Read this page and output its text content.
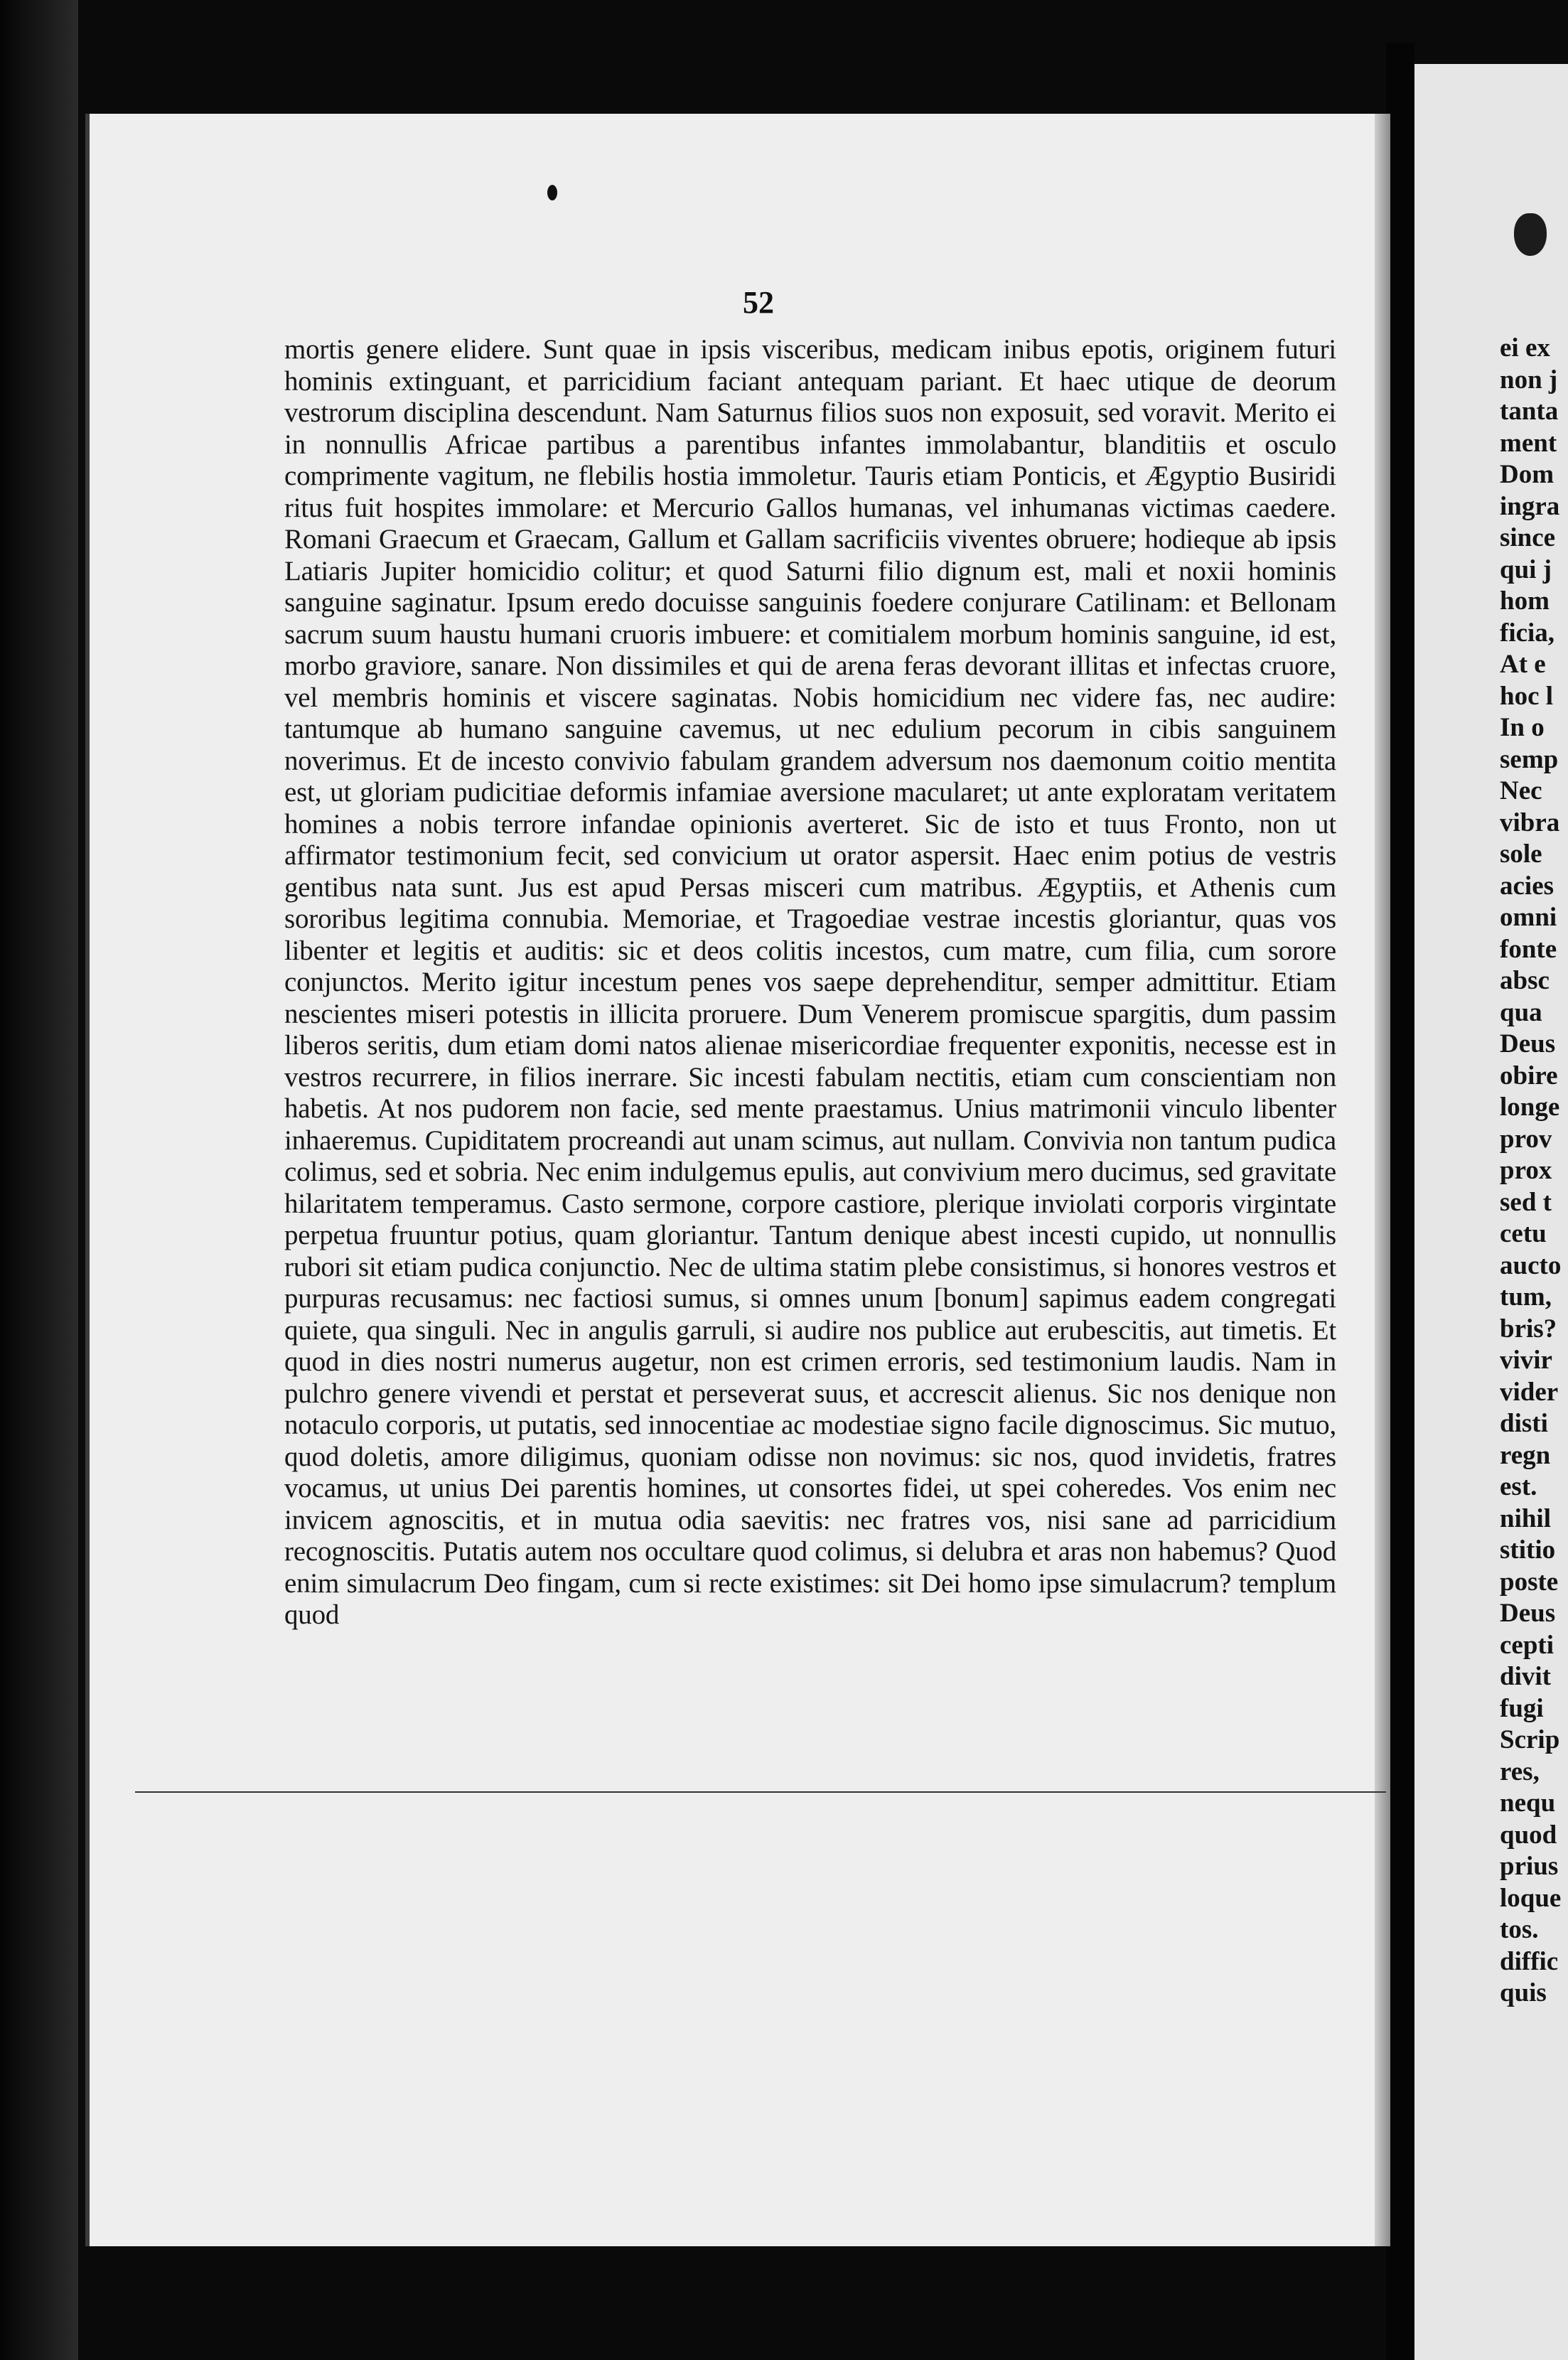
52

mortis genere elidere. Sunt quae in ipsis visceribus, medicam inibus epotis, originem futuri hominis extinguant, et parricidium faciant antequam pariant. Et haec utique de deorum vestrorum disciplina descendunt. Nam Saturnus filios suos non exposuit, sed voravit. Merito ei in nonnullis Africae partibus a parentibus infantes immolabantur, blanditiis et osculo comprimente vagitum, ne flebilis hostia immoletur. Tauris etiam Ponticis, et Ægyptio Busiridi ritus fuit hospites immolare: et Mercurio Gallos humanas, vel inhumanas victimas caedere. Romani Graecum et Graecam, Gallum et Gallam sacrificiis viventes obruere; hodieque ab ipsis Latiaris Jupiter homicidio colitur; et quod Saturni filio dignum est, mali et noxii hominis sanguine saginatur. Ipsum eredo docuisse sanguinis foedere conjurare Catilinam: et Bellonam sacrum suum haustu humani cruoris imbuere: et comitialem morbum hominis sanguine, id est, morbo graviore, sanare. Non dissimiles et qui de arena feras devorant illitas et infectas cruore, vel membris hominis et viscere saginatas. Nobis homicidium nec videre fas, nec audire: tantumque ab humano sanguine cavemus, ut nec edulium pecorum in cibis sanguinem noverimus. Et de incesto convivio fabulam grandem adversum nos daemonum coitio mentita est, ut gloriam pudicitiae deformis infamiae aversione macularet; ut ante exploratam veritatem homines a nobis terrore infandae opinionis averteret. Sic de isto et tuus Fronto, non ut affirmator testimonium fecit, sed convicium ut orator aspersit. Haec enim potius de vestris gentibus nata sunt. Jus est apud Persas misceri cum matribus. Ægyptiis, et Athenis cum sororibus legitima connubia. Memoriae, et Tragoediae vestrae incestis gloriantur, quas vos libenter et legitis et auditis: sic et deos colitis incestos, cum matre, cum filia, cum sorore conjunctos. Merito igitur incestum penes vos saepe deprehenditur, semper admittitur. Etiam nescientes miseri potestis in illicita proruere. Dum Venerem promiscue spargitis, dum passim liberos seritis, dum etiam domi natos alienae misericordiae frequenter exponitis, necesse est in vestros recurrere, in filios inerrare. Sic incesti fabulam nectitis, etiam cum conscientiam non habetis. At nos pudorem non facie, sed mente praestamus. Unius matrimonii vinculo libenter inhaeremus. Cupiditatem procreandi aut unam scimus, aut nullam. Convivia non tantum pudica colimus, sed et sobria. Nec enim indulgemus epulis, aut convivium mero ducimus, sed gravitate hilaritatem temperamus. Casto sermone, corpore castiore, plerique inviolati corporis virgintate perpetua fruuntur potius, quam gloriantur. Tantum denique abest incesti cupido, ut nonnullis rubori sit etiam pudica conjunctio. Nec de ultima statim plebe consistimus, si honores vestros et purpuras recusamus: nec factiosi sumus, si omnes unum [bonum] sapimus eadem congregati quiete, qua singuli. Nec in angulis garruli, si audire nos publice aut erubescitis, aut timetis. Et quod in dies nostri numerus augetur, non est crimen erroris, sed testimonium laudis. Nam in pulchro genere vivendi et perstat et perseverat suus, et accrescit alienus. Sic nos denique non notaculo corporis, ut putatis, sed innocentiae ac modestiae signo facile dignoscimus. Sic mutuo, quod doletis, amore diligimus, quoniam odisse non novimus: sic nos, quod invidetis, fratres vocamus, ut unius Dei parentis homines, ut consortes fidei, ut spei coheredes. Vos enim nec invicem agnoscitis, et in mutua odia saevitis: nec fratres vos, nisi sane ad parricidium recognoscitis. Putatis autem nos occultare quod colimus, si delubra et aras non habemus? Quod enim simulacrum Deo fingam, cum si recte existimes: sit Dei homo ipse simulacrum? templum quod

ei ex
non j
tanta
ment
Dom
ingra
since
qui j
hom
ficia,
At e
hoc l
In o
semp
Nec
vibra
sole
acies
omni
fonte
absc
qua
Deus
obire
longe
prov
prox
sed t
cetu
aucto
tum,
bris?
vivir
vider
disti
regn
est.
nihil
stitio
poste
Deus
cepti
divit
fugi
Scrip
res,
nequ
quod
prius
loque
tos.
diffic
quis
